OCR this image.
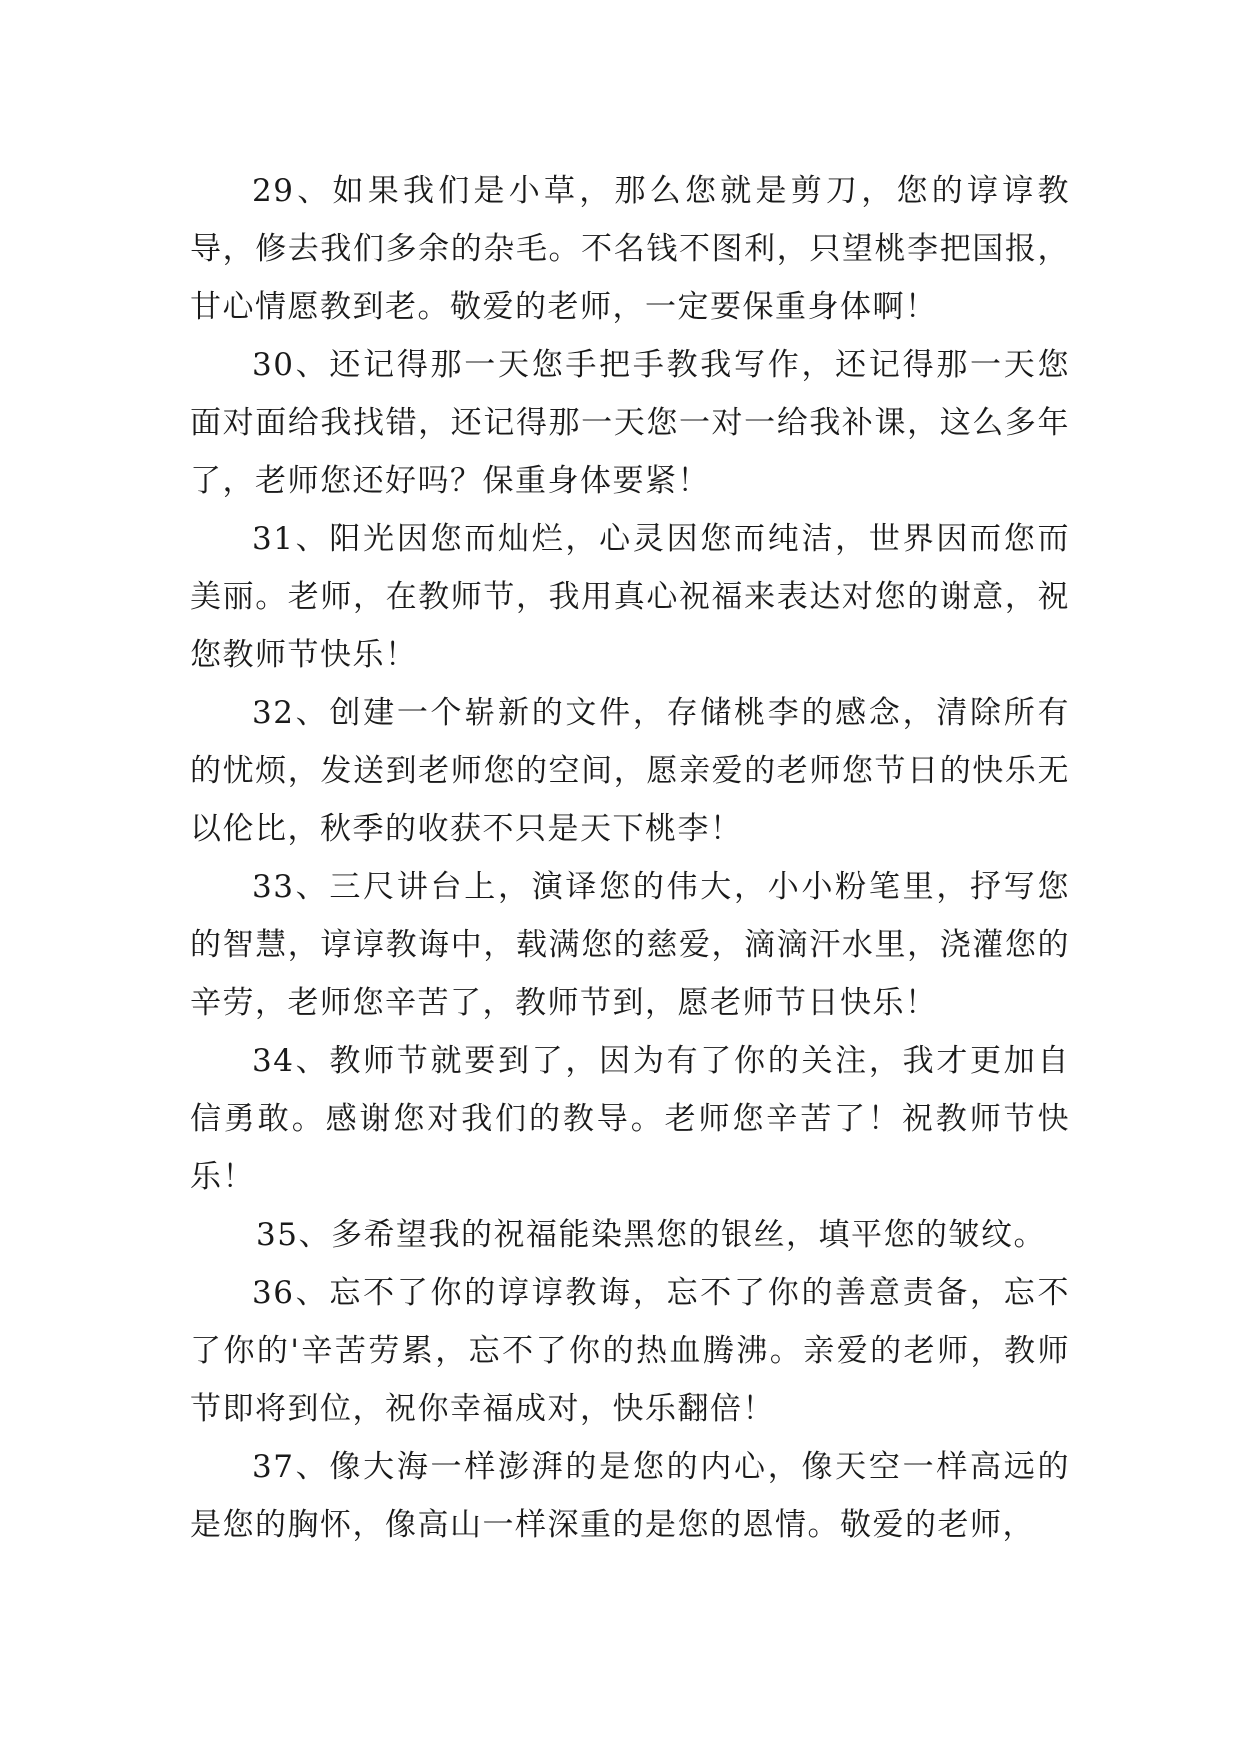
29、如果我们是小草，那么您就是剪刀，您的谆谆教导，修去我们多余的杂毛。不名钱不图利，只望桃李把国报，甘心情愿教到老。敬爱的老师，一定要保重身体啊！

30、还记得那一天您手把手教我写作，还记得那一天您面对面给我找错，还记得那一天您一对一给我补课，这么多年了，老师您还好吗？保重身体要紧！

31、阳光因您而灿烂，心灵因您而纯洁，世界因而您而美丽。老师，在教师节，我用真心祝福来表达对您的谢意，祝您教师节快乐！

32、创建一个崭新的文件，存储桃李的感念，清除所有的忧烦，发送到老师您的空间，愿亲爱的老师您节日的快乐无以伦比，秋季的收获不只是天下桃李！

33、三尺讲台上，演译您的伟大，小小粉笔里，抒写您的智慧，谆谆教诲中，载满您的慈爱，滴滴汗水里，浇灌您的辛劳，老师您辛苦了，教师节到，愿老师节日快乐！

34、教师节就要到了，因为有了你的关注，我才更加自信勇敢。感谢您对我们的教导。老师您辛苦了！祝教师节快乐！

35、多希望我的祝福能染黑您的银丝，填平您的皱纹。

36、忘不了你的谆谆教诲，忘不了你的善意责备，忘不了你的'辛苦劳累，忘不了你的热血腾沸。亲爱的老师，教师节即将到位，祝你幸福成对，快乐翻倍！

37、像大海一样澎湃的是您的内心，像天空一样高远的是您的胸怀，像高山一样深重的是您的恩情。敬爱的老师，
